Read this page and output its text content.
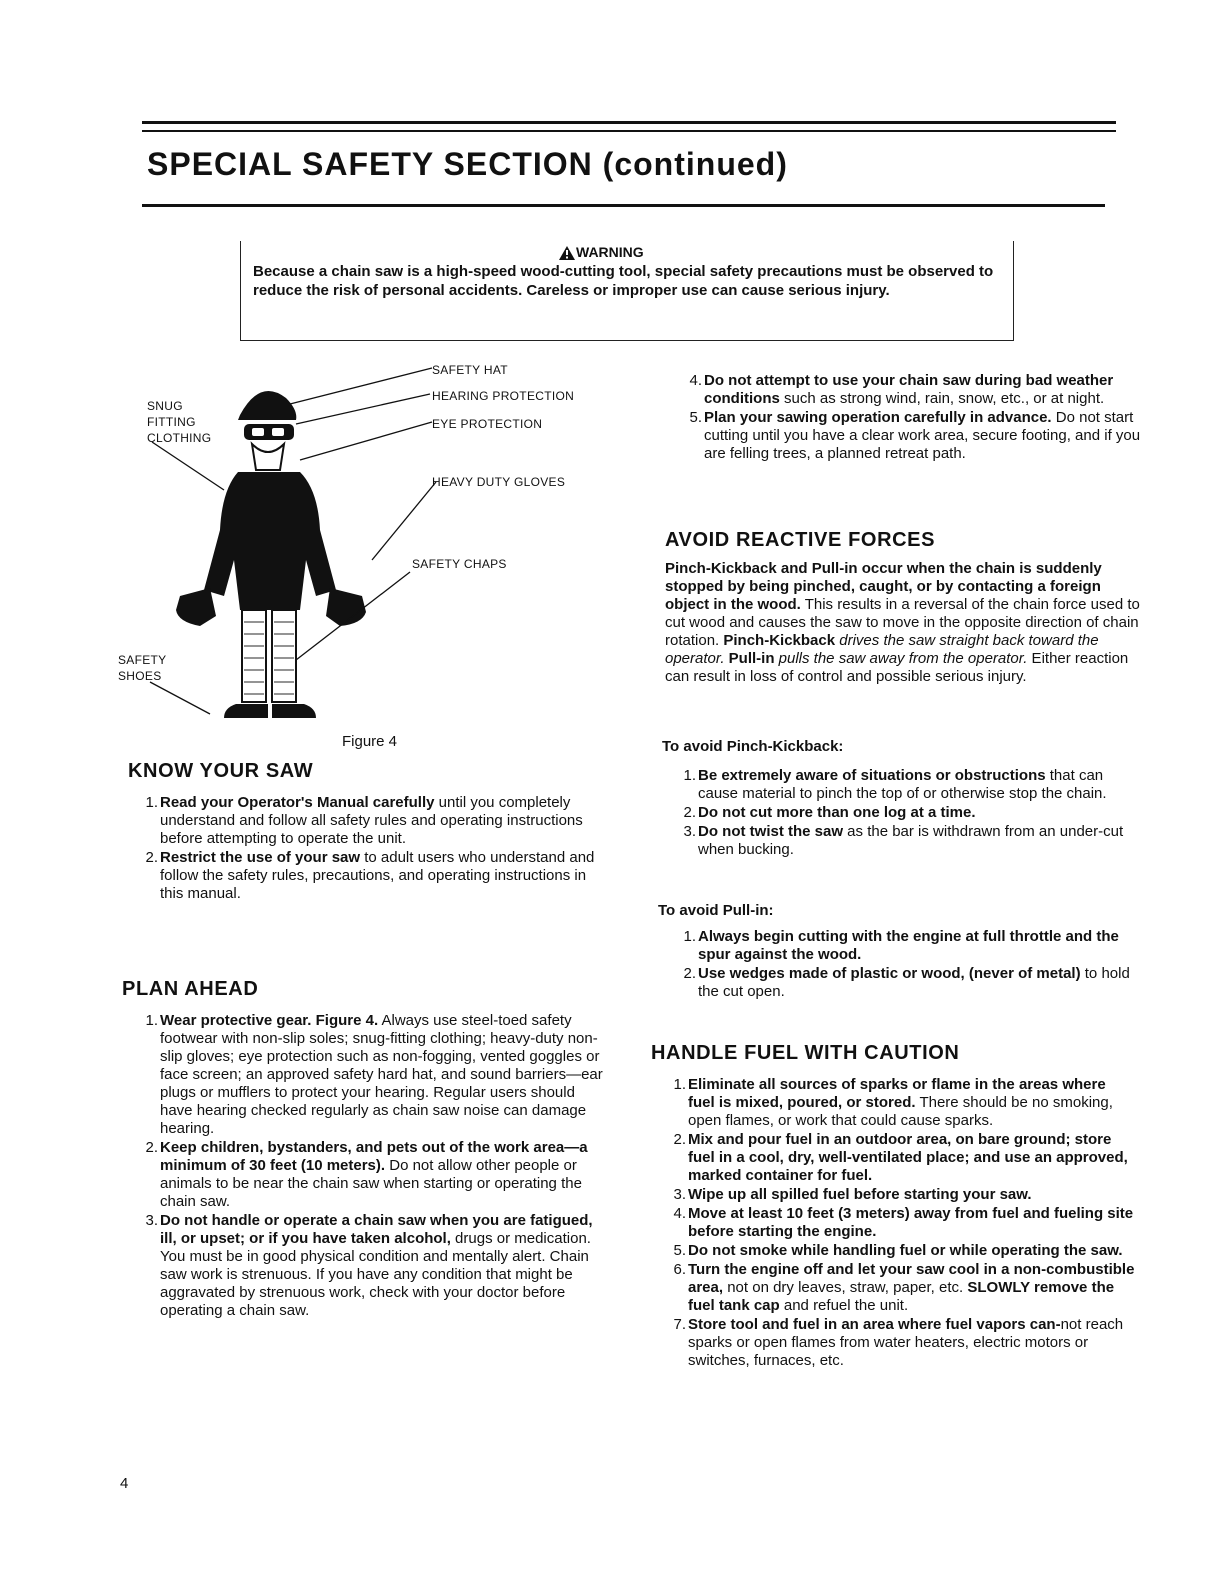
SPECIAL SAFETY SECTION (continued)
WARNING
Because a chain saw is a high-speed wood-cutting tool, special safety precautions must be observed to reduce the risk of personal accidents. Careless or improper use can cause serious injury.
SAFETY HAT
HEARING PROTECTION
EYE PROTECTION
HEAVY DUTY GLOVES
SAFETY CHAPS
SNUG
FITTING
CLOTHING
SAFETY
SHOES
Figure 4
KNOW YOUR SAW
1. Read your Operator's Manual carefully until you completely understand and follow all safety rules and operating instructions before attempting to operate the unit.
2. Restrict the use of your saw to adult users who understand and follow the safety rules, precautions, and operating instructions in this manual.
PLAN AHEAD
1. Wear protective gear. Figure 4. Always use steel-toed safety footwear with non-slip soles; snug-fitting clothing; heavy-duty non-slip gloves; eye protection such as non-fogging, vented goggles or face screen; an approved safety hard hat, and sound barriers—ear plugs or mufflers to protect your hearing. Regular users should have hearing checked regularly as chain saw noise can damage hearing.
2. Keep children, bystanders, and pets out of the work area—a minimum of 30 feet (10 meters). Do not allow other people or animals to be near the chain saw when starting or operating the chain saw.
3. Do not handle or operate a chain saw when you are fatigued, ill, or upset; or if you have taken alcohol, drugs or medication. You must be in good physical condition and mentally alert. Chain saw work is strenuous. If you have any condition that might be aggravated by strenuous work, check with your doctor before operating a chain saw.
4. Do not attempt to use your chain saw during bad weather conditions such as strong wind, rain, snow, etc., or at night.
5. Plan your sawing operation carefully in advance. Do not start cutting until you have a clear work area, secure footing, and if you are felling trees, a planned retreat path.
AVOID REACTIVE FORCES
Pinch-Kickback and Pull-in occur when the chain is suddenly stopped by being pinched, caught, or by contacting a foreign object in the wood. This results in a reversal of the chain force used to cut wood and causes the saw to move in the opposite direction of chain rotation. Pinch-Kickback drives the saw straight back toward the operator. Pull-in pulls the saw away from the operator. Either reaction can result in loss of control and possible serious injury.
To avoid Pinch-Kickback:
1. Be extremely aware of situations or obstructions that can cause material to pinch the top of or otherwise stop the chain.
2. Do not cut more than one log at a time.
3. Do not twist the saw as the bar is withdrawn from an under-cut when bucking.
To avoid Pull-in:
1. Always begin cutting with the engine at full throttle and the spur against the wood.
2. Use wedges made of plastic or wood, (never of metal) to hold the cut open.
HANDLE FUEL WITH CAUTION
1. Eliminate all sources of sparks or flame in the areas where fuel is mixed, poured, or stored. There should be no smoking, open flames, or work that could cause sparks.
2. Mix and pour fuel in an outdoor area, on bare ground; store fuel in a cool, dry, well-ventilated place; and use an approved, marked container for fuel.
3. Wipe up all spilled fuel before starting your saw.
4. Move at least 10 feet (3 meters) away from fuel and fueling site before starting the engine.
5. Do not smoke while handling fuel or while operating the saw.
6. Turn the engine off and let your saw cool in a non-combustible area, not on dry leaves, straw, paper, etc. SLOWLY remove the fuel tank cap and refuel the unit.
7. Store tool and fuel in an area where fuel vapors can-not reach sparks or open flames from water heaters, electric motors or switches, furnaces, etc.
4
